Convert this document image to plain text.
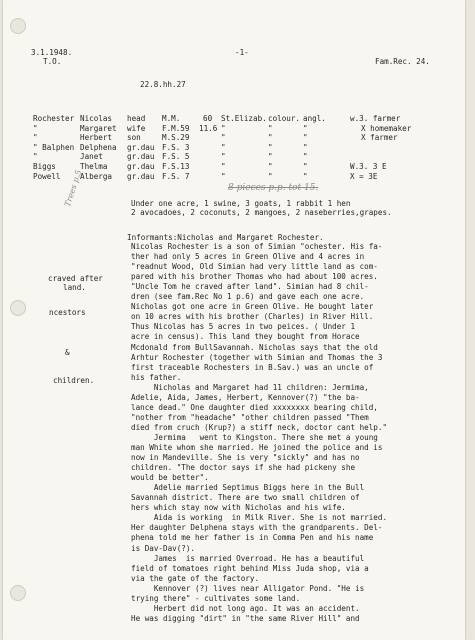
3.1.1948.
T.O.
-1-
Fam.Rec. 24.
22.8.hh.27
Rochester Nicolas head M.M.	60 St.Elizab. colour. angl.	w.3. farmer
"	Margaret wife F.M.59 11.6 "	"	"	X homemaker
"	Herbert son	M.S.29	"	"	"	X farmer
" Balphen Delphena gr.dau F.S. 3	"	"	"
"	Janet	gr.dau F.S. 5	"	"	"
Biggs	Thelma	gr.dau F.S.13	"	"	"	W.3. 3 E
Powell	Alberga gr.dau F.S. 7	"	"	"	X = 3E
8 pieces p.p. tot 15.
Trees p.5	Under one acre, 1 swine, 3 goats, 1 rabbit 1 hen
2 avocadoes, 2 coconuts, 2 mangoes, 2 naseberries,grapes.
Informants:Nicholas and Margaret Rochester.
craved after
land.
ncestors
&
children.
Nicolas Rochester is a son of Simian "ochester. His fa-
ther had only 5 acres in Green Olive and 4 acres in
"readnut Wood, Old Simian had very little land as com-
pared with his brother Thomas who had about 100 acres.
"Uncle Tom he craved after land". Simian had 8 chil-
dren (see fam.Rec No 1 p.6) and gave each one acre.
Nicholas got one acre in Green Olive. He bought later
on 10 acres with his brother (Charles) in River Hill.
Thus Nicolas has 5 acres in two peices. ( Under 1
acre in census). This land they bought from Horace
Mcdonald from BullSavannah. Nicholas says that the old
Arhtur Rochester (together with Simian and Thomas the 3
first traceable Rochesters in B.Sav.) was an uncle of
his father.
Nicholas and Margaret had 11 children: Jermima,
Adelie, Aida, James, Herbert, Kennover(?) "the ba-
lance dead." One daughter died xxxxxxxx bearing child,
"nother from "headache" "other children passed "Them
died from cruch (Krup?) a stiff neck, doctor cant help."
Jermima   went to Kingston. There she met a young
man White whom she married. He joined the police and is
now in Mandeville. She is very "sickly" and has no
children. "The doctor says if she had pickeny she
would be better".
Adelie married Septimus Biggs here in the Bull
Savannah district. There are two small children of
hers which stay now with Nicholas and his wife.
Aida is working  in Milk River. She is not married.
Her daughter Delphena stays with the grandparents. Del-
phena told me her father is in Comma Pen and his name
is Dav-Dav(?).
James  is married Overroad. He has a beautiful
field of tomatoes right behind Miss Juda shop, via a
via the gate of the factory.
Kennover (?) lives near Alligator Pond. "He is
trying there" - cultivates some land.
Herbert did not long ago. It was an accident.
He was digging "dirt" in "the same River Hill" and
